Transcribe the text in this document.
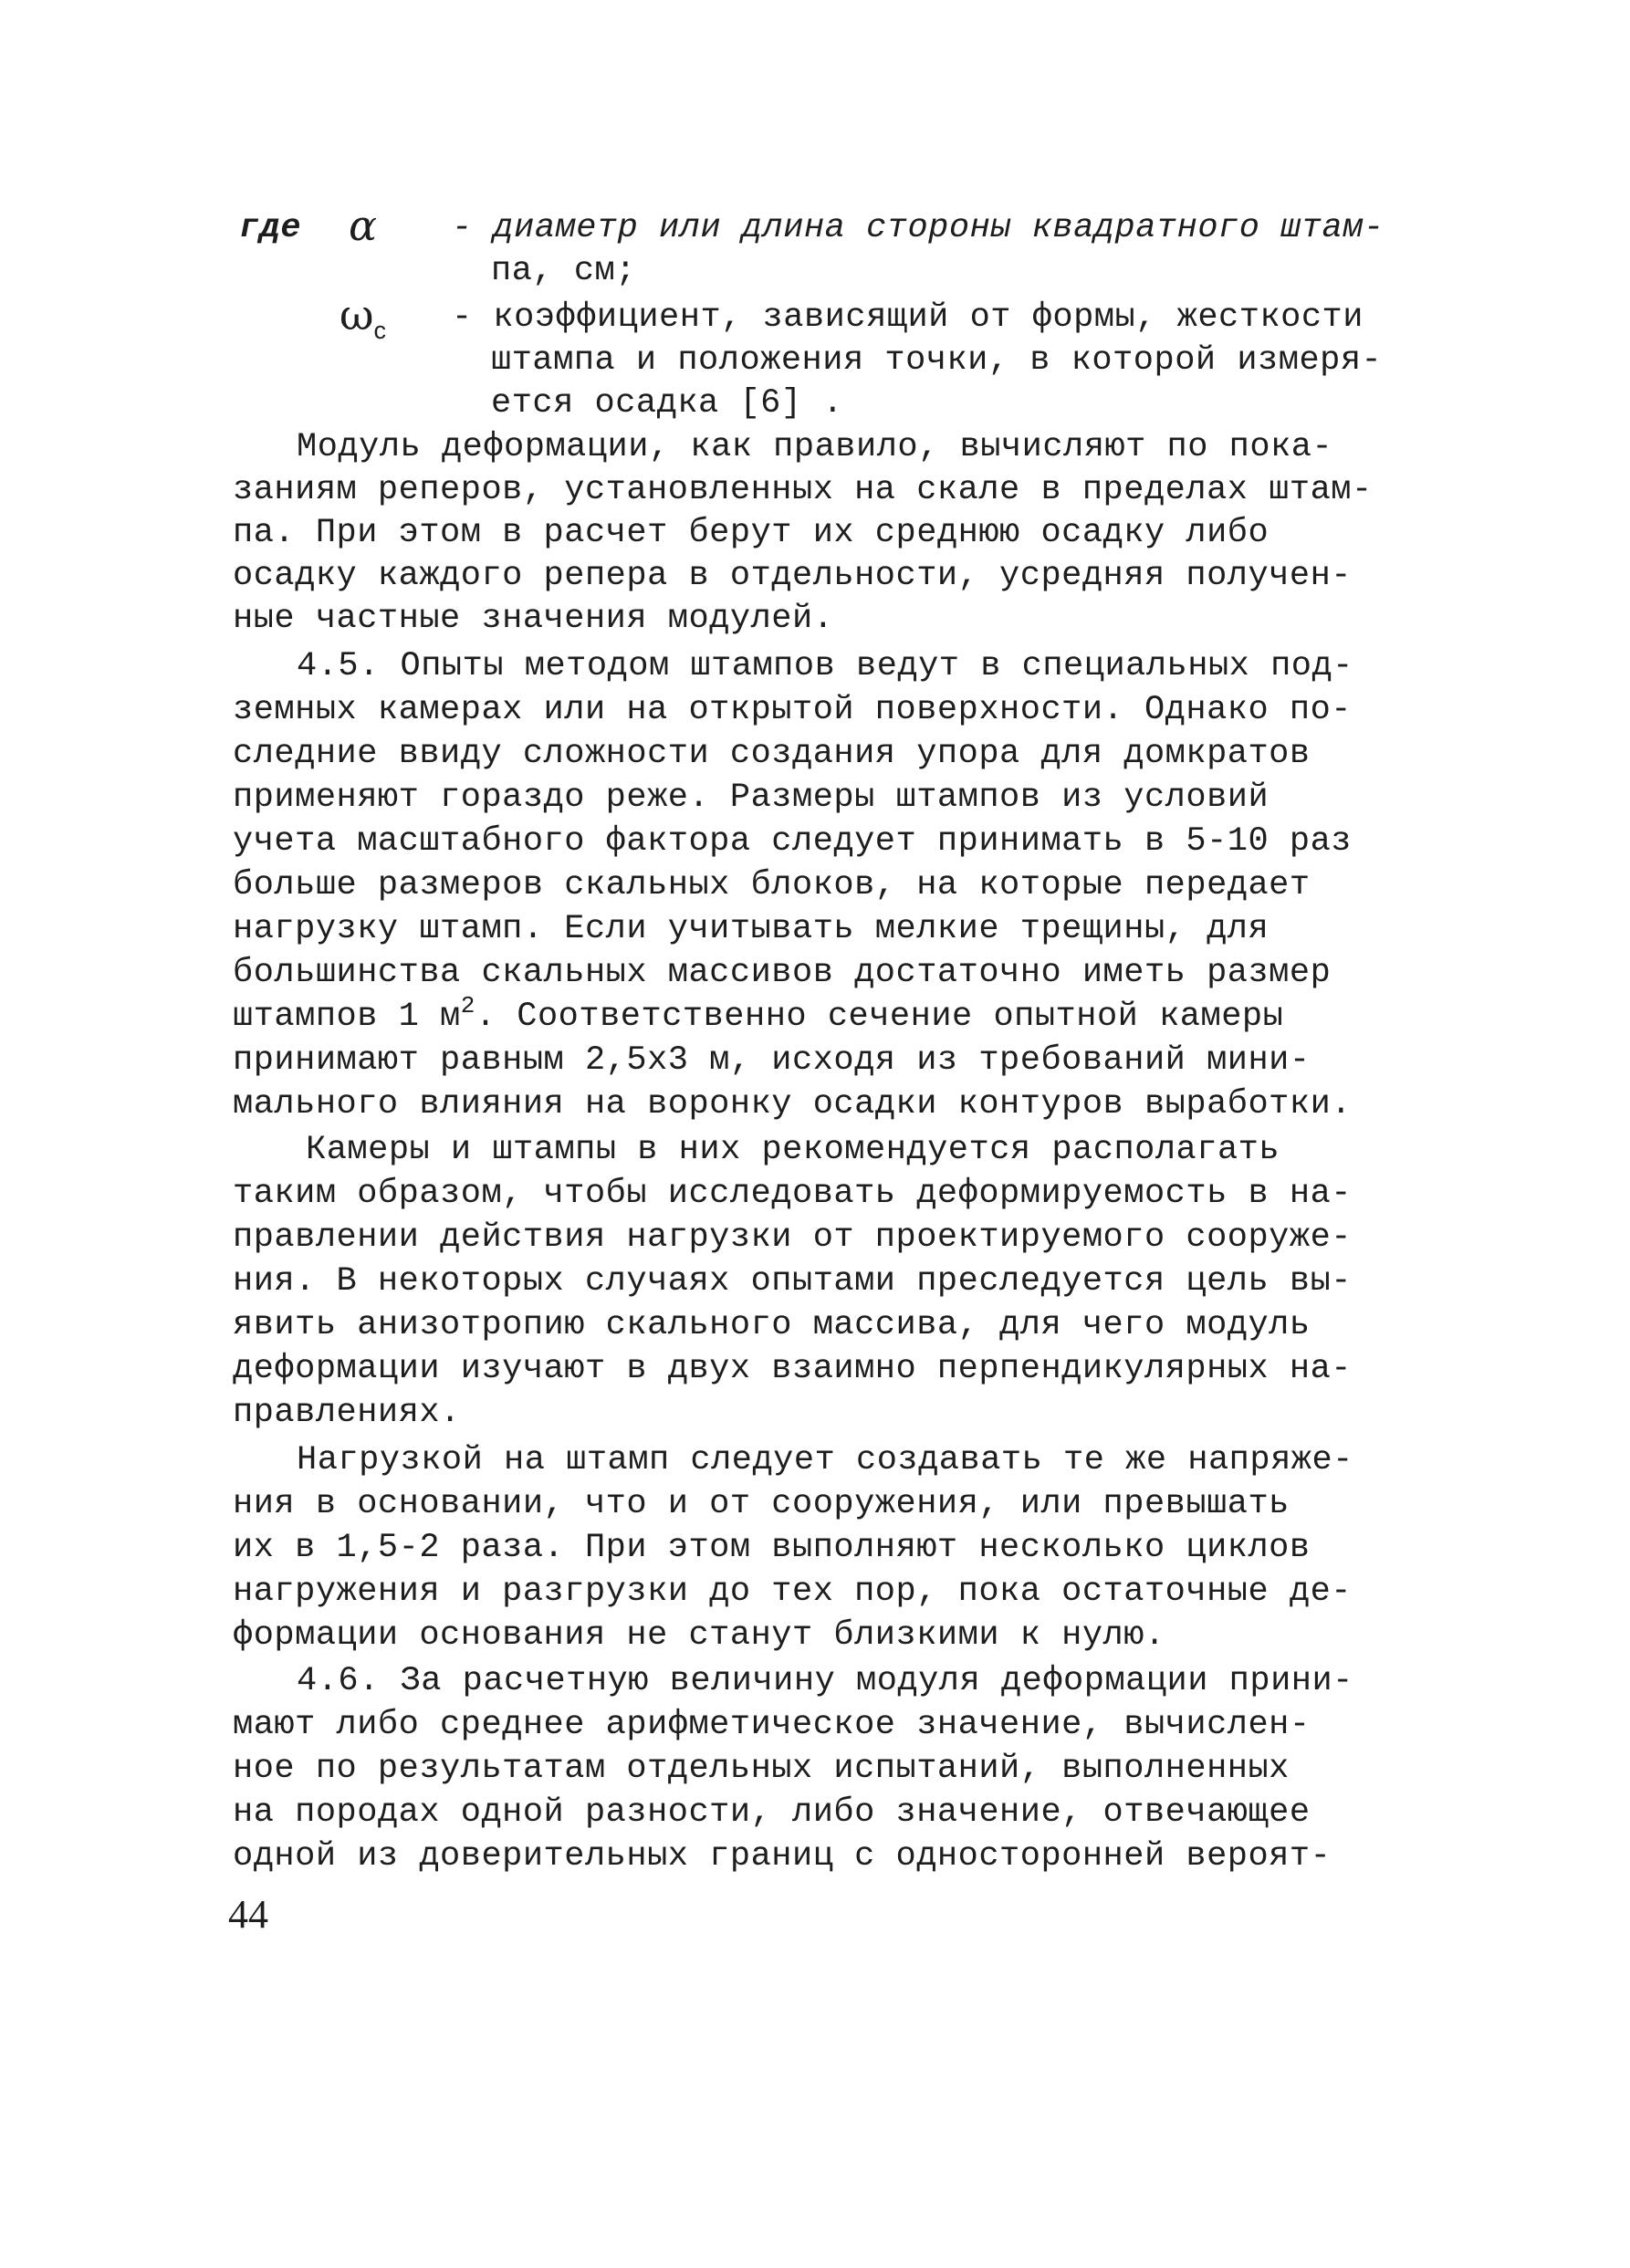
где α - диаметр или длина стороны квадратного штам-
па, см;
$\omega_c$ - коэффициент, зависящий от формы, жесткости
штампа и положения точки, в которой измеря-
ется осадка [6] .
Модуль деформации, как правило, вычисляют по пока-
заниям реперов, установленных на скале в пределах штам-
па. При этом в расчет берут их среднюю осадку либо
осадку каждого репера в отдельности, усредняя получен-
ные частные значения модулей.
4.5. Опыты методом штампов ведут в специальных под-
земных камерах или на открытой поверхности. Однако по-
следние ввиду сложности создания упора для домкратов
применяют гораздо реже. Размеры штампов из условий
учета масштабного фактора следует принимать в 5-10 раз
больше размеров скальных блоков, на которые передает
нагрузку штамп. Если учитывать мелкие трещины, для
большинства скальных массивов достаточно иметь размер
штампов 1 $м^2$. Соответственно сечение опытной камеры
принимают равным 2,5х3 м, исходя из требований мини-
мального влияния на воронку осадки контуров выработки.
Камеры и штампы в них рекомендуется располагать
таким образом, чтобы исследовать деформируемость в на-
правлении действия нагрузки от проектируемого сооруже-
ния. В некоторых случаях опытами преследуется цель вы-
явить анизотропию скального массива, для чего модуль
деформации изучают в двух взаимно перпендикулярных на-
правлениях.
Нагрузкой на штамп следует создавать те же напряже-
ния в основании, что и от сооружения, или превышать
их в 1,5-2 раза. При этом выполняют несколько циклов
нагружения и разгрузки до тех пор, пока остаточные де-
формации основания не станут близкими к нулю.
4.6. За расчетную величину модуля деформации прини-
мают либо среднее арифметическое значение, вычислен-
ное по результатам отдельных испытаний, выполненных
на породах одной разности, либо значение, отвечающее
одной из доверительных границ с односторонней вероят-
44
